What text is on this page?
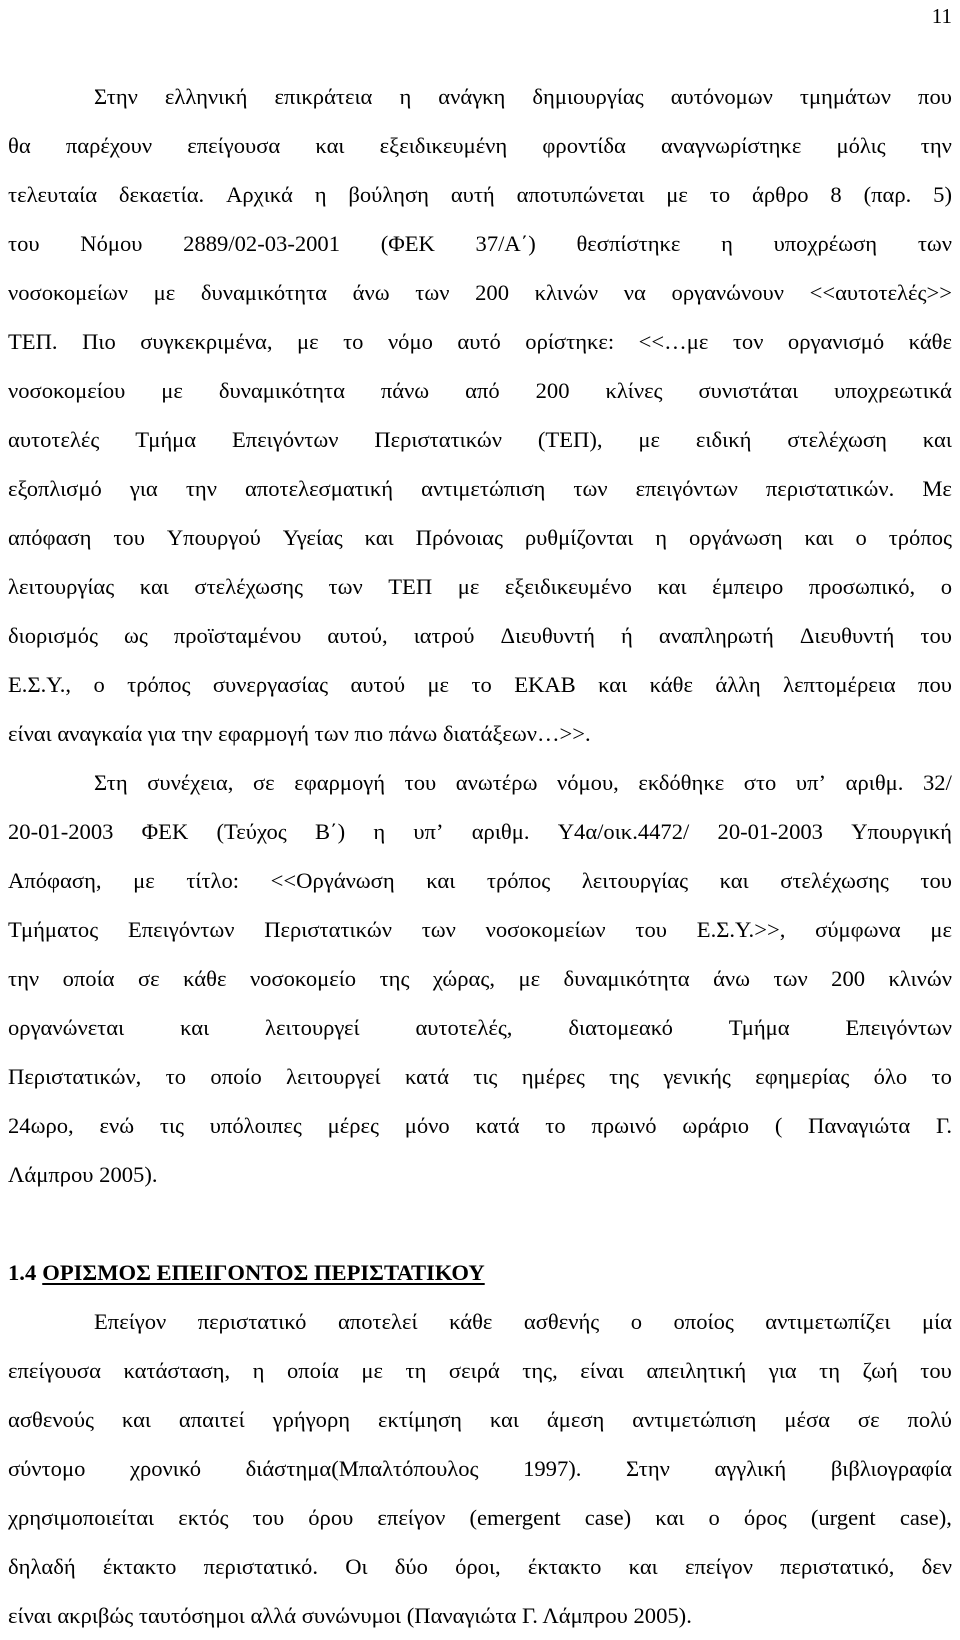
11
Στην ελληνική επικράτεια η ανάγκη δημιουργίας αυτόνομων τμημάτων που
θα παρέχουν επείγουσα και εξειδικευμένη φροντίδα αναγνωρίστηκε μόλις την
τελευταία δεκαετία. Αρχικά η βούληση αυτή αποτυπώνεται με το άρθρο 8 (παρ. 5)
του Νόμου 2889/02-03-2001 (ΦΕΚ 37/Α΄) θεσπίστηκε η υποχρέωση των
νοσοκομείων με δυναμικότητα άνω των 200 κλινών να οργανώνουν <<αυτοτελές>>
ΤΕΠ. Πιο συγκεκριμένα, με το νόμο αυτό ορίστηκε: <<…με τον οργανισμό κάθε
νοσοκομείου με δυναμικότητα πάνω από 200 κλίνες συνιστάται υποχρεωτικά
αυτοτελές Τμήμα Επειγόντων Περιστατικών (ΤΕΠ), με ειδική στελέχωση και
εξοπλισμό για την αποτελεσματική αντιμετώπιση των επειγόντων περιστατικών. Με
απόφαση του Υπουργού Υγείας και Πρόνοιας ρυθμίζονται η οργάνωση και ο τρόπος
λειτουργίας και στελέχωσης των ΤΕΠ με εξειδικευμένο και έμπειρο προσωπικό, ο
διορισμός ως προϊσταμένου αυτού, ιατρού Διευθυντή ή αναπληρωτή Διευθυντή του
Ε.Σ.Υ., ο τρόπος συνεργασίας αυτού με το ΕΚΑΒ και κάθε άλλη λεπτομέρεια που
είναι αναγκαία για την εφαρμογή των πιο πάνω διατάξεων…>>.
Στη συνέχεια, σε εφαρμογή του ανωτέρω νόμου, εκδόθηκε στο υπ’ αριθμ. 32/
20-01-2003 ΦΕΚ (Τεύχος Β΄) η υπ’ αριθμ. Υ4α/οικ.4472/ 20-01-2003 Υπουργική
Απόφαση, με τίτλο: <<Οργάνωση και τρόπος λειτουργίας και στελέχωσης του
Τμήματος Επειγόντων Περιστατικών των νοσοκομείων του Ε.Σ.Υ.>>, σύμφωνα με
την οποία σε κάθε νοσοκομείο της χώρας, με δυναμικότητα άνω των 200 κλινών
οργανώνεται και λειτουργεί αυτοτελές, διατομεακό Τμήμα Επειγόντων
Περιστατικών, το οποίο λειτουργεί κατά τις ημέρες της γενικής εφημερίας όλο το
24ωρο, ενώ τις υπόλοιπες μέρες μόνο κατά το πρωινό ωράριο ( Παναγιώτα Γ.
Λάμπρου 2005).
1.4 ΟΡΙΣΜΟΣ ΕΠΕΙΓΟΝΤΟΣ ΠΕΡΙΣΤΑΤΙΚΟΥ
Επείγον περιστατικό αποτελεί κάθε ασθενής ο οποίος αντιμετωπίζει μία
επείγουσα κατάσταση, η οποία με τη σειρά της, είναι απειλητική για τη ζωή του
ασθενούς και απαιτεί γρήγορη εκτίμηση και άμεση αντιμετώπιση μέσα σε πολύ
σύντομο χρονικό διάστημα(Μπαλτόπουλος 1997). Στην αγγλική βιβλιογραφία
χρησιμοποιείται εκτός του όρου επείγον (emergent case) και ο όρος (urgent case),
δηλαδή έκτακτο περιστατικό. Οι δύο όροι, έκτακτο και επείγον περιστατικό, δεν
είναι ακριβώς ταυτόσημοι αλλά συνώνυμοι (Παναγιώτα Γ. Λάμπρου 2005).
